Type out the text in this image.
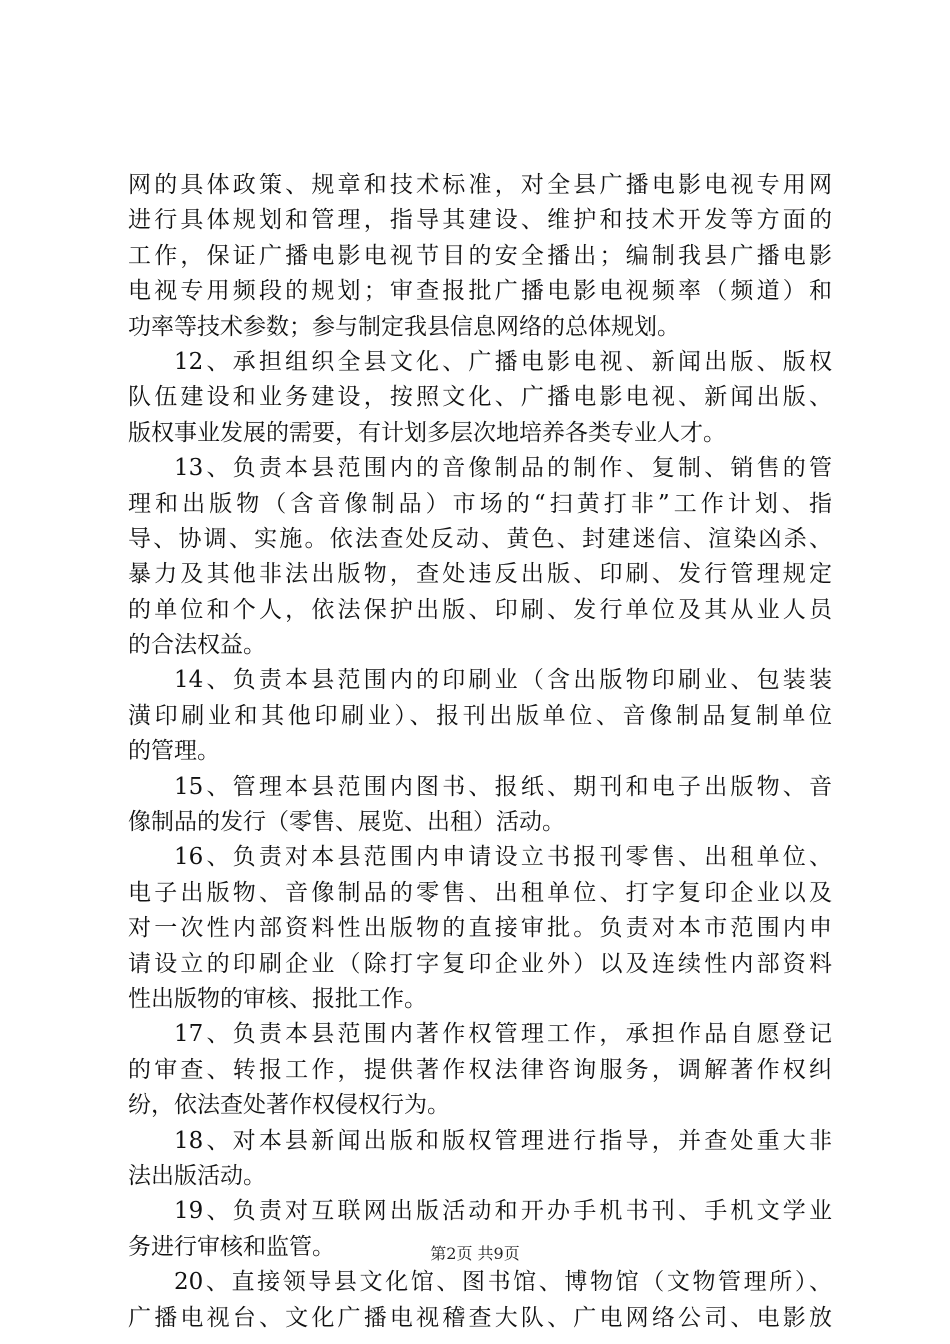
网的具体政策、规章和技术标准，对全县广播电影电视专用网
进行具体规划和管理，指导其建设、维护和技术开发等方面的
工作，保证广播电影电视节目的安全播出；编制我县广播电影
电视专用频段的规划；审查报批广播电影电视频率（频道）和
功率等技术参数；参与制定我县信息网络的总体规划。
12、承担组织全县文化、广播电影电视、新闻出版、版权
队伍建设和业务建设，按照文化、广播电影电视、新闻出版、
版权事业发展的需要，有计划多层次地培养各类专业人才。
13、负责本县范围内的音像制品的制作、复制、销售的管
理和出版物（含音像制品）市场的“扫黄打非”工作计划、指
导、协调、实施。依法查处反动、黄色、封建迷信、渲染凶杀、
暴力及其他非法出版物，查处违反出版、印刷、发行管理规定
的单位和个人，依法保护出版、印刷、发行单位及其从业人员
的合法权益。
14、负责本县范围内的印刷业（含出版物印刷业、包装装
潢印刷业和其他印刷业）、报刊出版单位、音像制品复制单位
的管理。
15、管理本县范围内图书、报纸、期刊和电子出版物、音
像制品的发行（零售、展览、出租）活动。
16、负责对本县范围内申请设立书报刊零售、出租单位、
电子出版物、音像制品的零售、出租单位、打字复印企业以及
对一次性内部资料性出版物的直接审批。负责对本市范围内申
请设立的印刷企业（除打字复印企业外）以及连续性内部资料
性出版物的审核、报批工作。
17、负责本县范围内著作权管理工作，承担作品自愿登记
的审查、转报工作，提供著作权法律咨询服务，调解著作权纠
纷，依法查处著作权侵权行为。
18、对本县新闻出版和版权管理进行指导，并查处重大非
法出版活动。
19、负责对互联网出版活动和开办手机书刊、手机文学业
务进行审核和监管。
20、直接领导县文化馆、图书馆、博物馆（文物管理所）、
广播电视台、文化广播电视稽查大队、广电网络公司、电影放
第2页 共9页
